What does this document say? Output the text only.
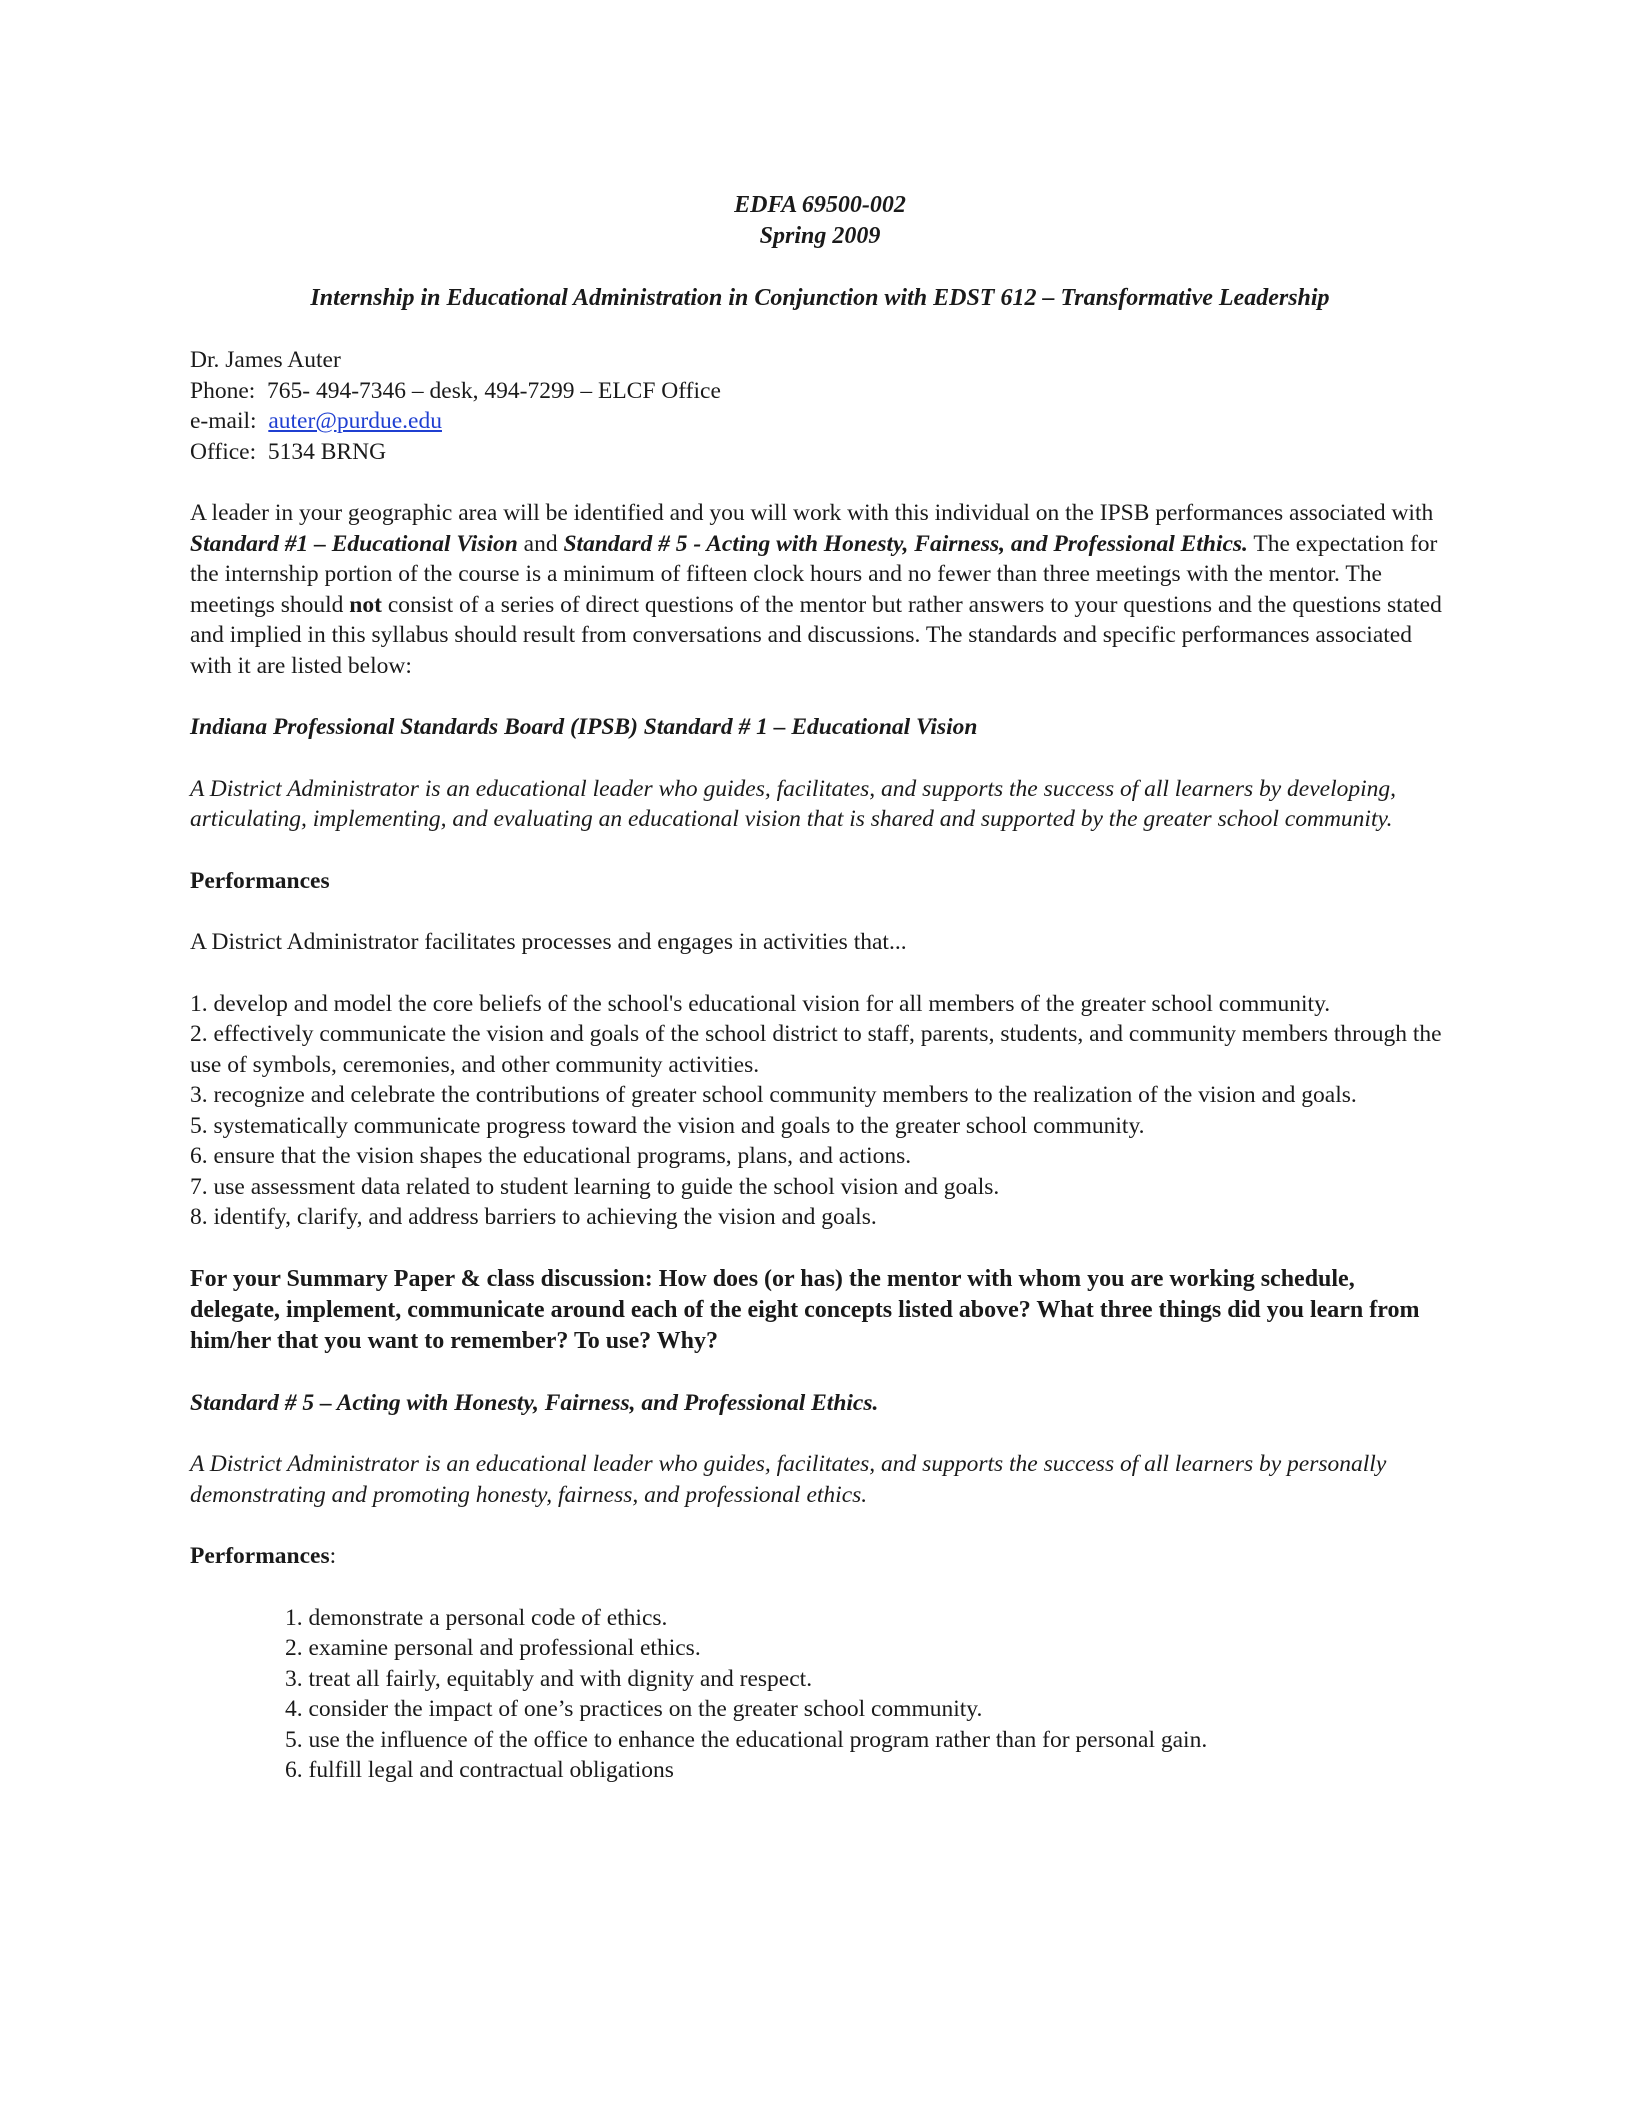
EDFA 69500-002

Spring 2009

Internship in Educational Administration in Conjunction with EDST 612 – Transformative Leadership

Dr. James Auter

Phone: 765- 494-7346 – desk, 494-7299 – ELCF Office

e-mail: auter@purdue.edu

Office: 5134 BRNG

A leader in your geographic area will be identified and you will work with this individual on the IPSB performances associated with Standard #1 – Educational Vision and Standard # 5 - Acting with Honesty, Fairness, and Professional Ethics. The expectation for the internship portion of the course is a minimum of fifteen clock hours and no fewer than three meetings with the mentor. The meetings should not consist of a series of direct questions of the mentor but rather answers to your questions and the questions stated and implied in this syllabus should result from conversations and discussions. The standards and specific performances associated with it are listed below:

Indiana Professional Standards Board (IPSB) Standard # 1 – Educational Vision

A District Administrator is an educational leader who guides, facilitates, and supports the success of all learners by developing, articulating, implementing, and evaluating an educational vision that is shared and supported by the greater school community.

Performances

A District Administrator facilitates processes and engages in activities that...

1. develop and model the core beliefs of the school's educational vision for all members of the greater school community.

2. effectively communicate the vision and goals of the school district to staff, parents, students, and community members through the use of symbols, ceremonies, and other community activities.

3. recognize and celebrate the contributions of greater school community members to the realization of the vision and goals.

5. systematically communicate progress toward the vision and goals to the greater school community.

6. ensure that the vision shapes the educational programs, plans, and actions.

7. use assessment data related to student learning to guide the school vision and goals.

8. identify, clarify, and address barriers to achieving the vision and goals.

For your Summary Paper & class discussion: How does (or has) the mentor with whom you are working schedule, delegate, implement, communicate around each of the eight concepts listed above? What three things did you learn from him/her that you want to remember? To use? Why?

Standard # 5 – Acting with Honesty, Fairness, and Professional Ethics.

A District Administrator is an educational leader who guides, facilitates, and supports the success of all learners by personally demonstrating and promoting honesty, fairness, and professional ethics.

Performances:

1. demonstrate a personal code of ethics.

2. examine personal and professional ethics.

3. treat all fairly, equitably and with dignity and respect.

4. consider the impact of one’s practices on the greater school community.

5. use the influence of the office to enhance the educational program rather than for personal gain.

6. fulfill legal and contractual obligations
